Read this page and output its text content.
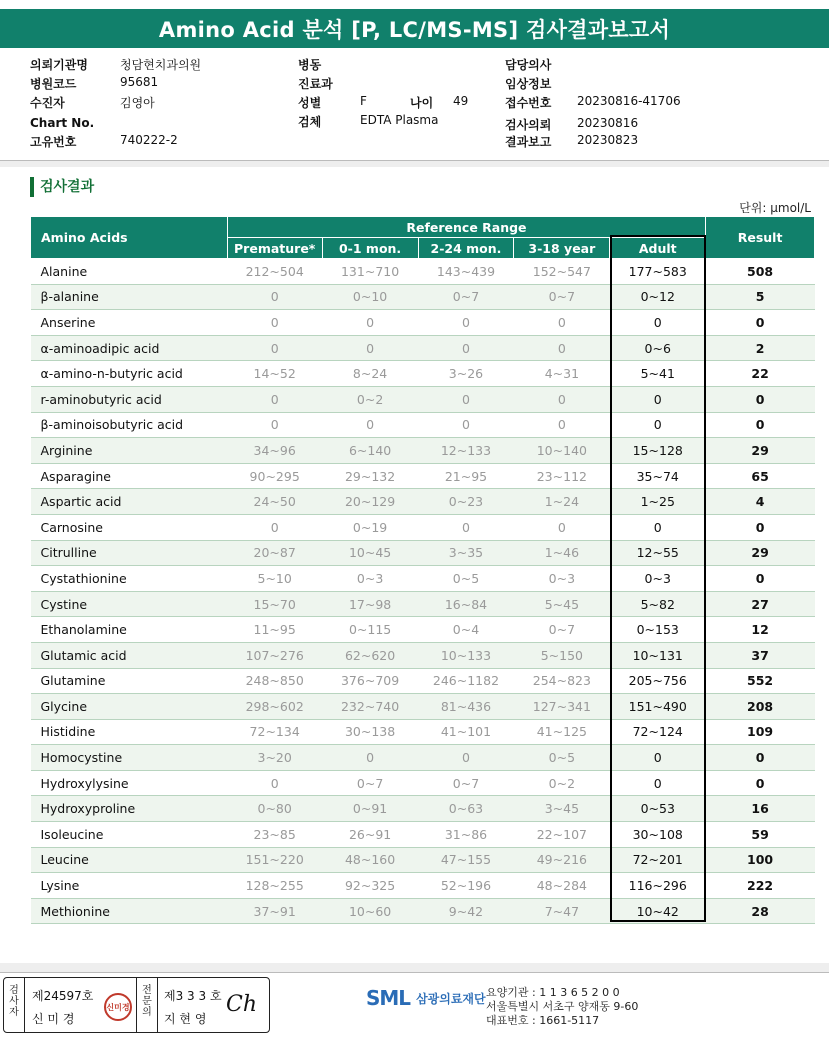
Amino Acid 분석 [P, LC/MS-MS] 검사결과보고서
의뢰기관명	청담현치과의원
병원코드	95681
수진자	김영아
Chart No.
고유번호	740222-2
병동
진료과
성별	F	나이 49
검체	EDTA Plasma
담당의사
임상정보
접수번호 20230816-41706
검사의뢰 20230816
결과보고 20230823
검사결과
단위: μmol/L
Amino Acids	Reference Range					Result
	Premature*	0-1 mon.	2-24 mon.	3-18 year	Adult	
Alanine	212~504	131~710	143~439	152~547	177~583	508
β-alanine	0	0~10	0~7	0~7	0~12	5
Anserine	0	0	0	0	0	0
α-aminoadipic acid	0	0	0	0	0~6	2
α-amino-n-butyric acid	14~52	8~24	3~26	4~31	5~41	22
r-aminobutyric acid	0	0~2	0	0	0	0
β-aminoisobutyric acid	0	0	0	0	0	0
Arginine	34~96	6~140	12~133	10~140	15~128	29
Asparagine	90~295	29~132	21~95	23~112	35~74	65
Aspartic acid	24~50	20~129	0~23	1~24	1~25	4
Carnosine	0	0~19	0	0	0	0
Citrulline	20~87	10~45	3~35	1~46	12~55	29
Cystathionine	5~10	0~3	0~5	0~3	0~3	0
Cystine	15~70	17~98	16~84	5~45	5~82	27
Ethanolamine	11~95	0~115	0~4	0~7	0~153	12
Glutamic acid	107~276	62~620	10~133	5~150	10~131	37
Glutamine	248~850	376~709	246~1182	254~823	205~756	552
Glycine	298~602	232~740	81~436	127~341	151~490	208
Histidine	72~134	30~138	41~101	41~125	72~124	109
Homocystine	3~20	0	0	0~5	0	0
Hydroxylysine	0	0~7	0~7	0~2	0	0
Hydroxyproline	0~80	0~91	0~63	3~45	0~53	16
Isoleucine	23~85	26~91	31~86	22~107	30~108	59
Leucine	151~220	48~160	47~155	49~216	72~201	100
Lysine	128~255	92~325	52~196	48~284	116~296	222
Methionine	37~91	10~60	9~42	7~47	10~42	28
검사자
제24597호
신 미 경
신미경
전문의
제3 3 3 호
지 현 영
Ch	SML 삼광의료재단 요양기관 : 1 1 3 6 5 2 0 0
서울특별시 서초구 양재동 9-60
대표번호 : 1661-5117
